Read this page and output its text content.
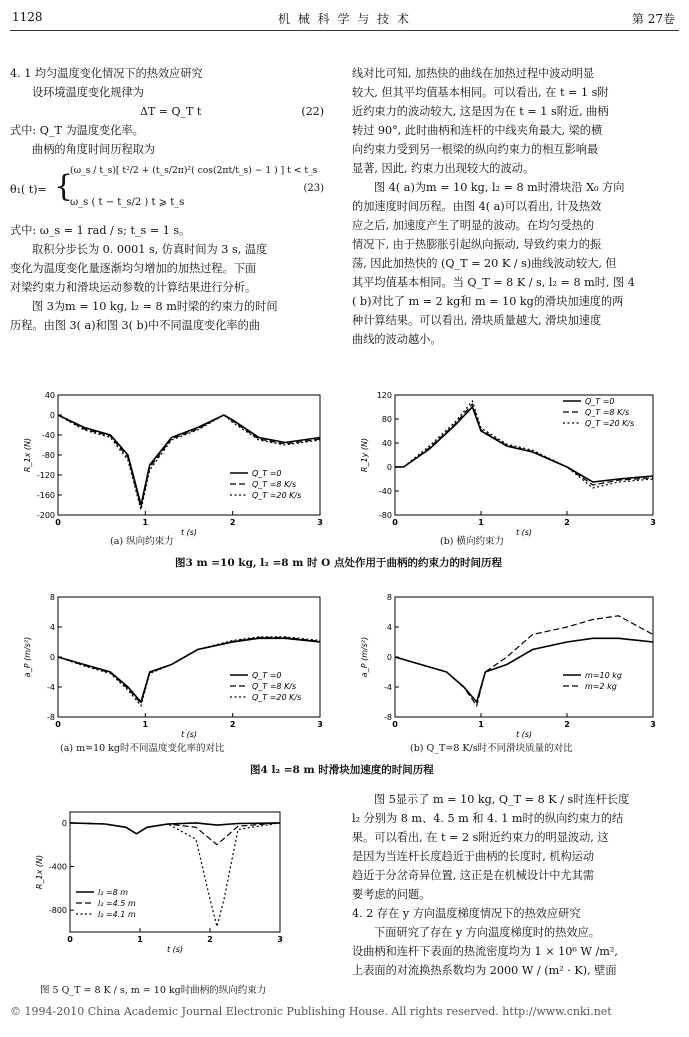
1128	机 械 科 学 与 技 术	第 27卷
4. 1 均匀温度变化情况下的热效应研究
设环境温度变化规律为
ΔT = Q_T t	(22)
式中: Q_T 为温度变化率。
曲柄的角度时间历程取为
θ₁( t)= {
(ω_s / t_s)[ t²/2 + (t_s/2π)²( cos(2πt/t_s) − 1 ) ] t < t_s
ω_s ( t − t_s/2 ) t ⩾ t_s
(23)
式中: ω_s = 1 rad / s; t_s = 1 s。
取积分步长为 0. 0001 s, 仿真时间为 3 s, 温度
变化为温度变化量逐渐均匀增加的加热过程。下面
对梁约束力和滑块运动参数的计算结果进行分析。
图 3为m = 10 kg, l₂ = 8 m时梁的约束力的时间
历程。由图 3( a)和图 3( b)中不同温度变化率的曲
线对比可知, 加热快的曲线在加热过程中波动明显
较大, 但其平均值基本相同。可以看出, 在 t = 1 s附
近约束力的波动较大, 这是因为在 t = 1 s附近, 曲柄
转过 90°, 此时曲柄和连杆的中线夹角最大, 梁的横
向约束力受到另一根梁的纵向约束力的相互影响最
显著, 因此, 约束力出现较大的波动。
图 4( a)为m = 10 kg, l₂ = 8 m时滑块沿 X₀ 方向
的加速度时间历程。由图 4( a)可以看出, 计及热效
应之后, 加速度产生了明显的波动。在均匀受热的
情况下, 由于热膨胀引起纵向振动, 导致约束力的振
荡, 因此加热快的 (Q_T = 20 K / s)曲线波动较大, 但
其平均值基本相同。当 Q_T = 8 K / s, l₂ = 8 m时, 图 4
( b)对比了 m = 2 kg和 m = 10 kg的滑块加速度的两
种计算结果。可以看出, 滑块质量越大, 滑块加速度
曲线的波动越小。
图 5显示了 m = 10 kg, Q_T = 8 K / s时连杆长度
l₂ 分别为 8 m、4. 5 m 和 4. 1 m时的纵向约束力的结
果。可以看出, 在 t = 2 s附近约束力的明显波动, 这
是因为当连杆长度趋近于曲柄的长度时, 机构运动
趋近于分岔奇异位置, 这正是在机械设计中尤其需
要考虑的问题。
4. 2 存在 y 方向温度梯度情况下的热效应研究
下面研究了存在 y 方向温度梯度时的热效应。
设曲柄和连杆下表面的热流密度均为 1 × 10⁶ W /m²,
上表面的对流换热系数均为 2000 W / (m² · K), 壁面
40
0
-40
-80
-120
-160
-200
0	1	2	3
t (s)
R_1x (N)
Q_T =0
Q_T =8 K/s
Q_T =20 K/s
120
80
40
0
-40
-80
0	1	2	3
t (s)
R_1y (N)
Q_T =0
Q_T =8 K/s
Q_T =20 K/s
8
4
0
-4
-8
0	1	2	3
t (s)
a_P (m/s²)	Q_T =0
Q_T =8 K/s
Q_T =20 K/s
8
4
0
-4
-8
0	1	2	3
t (s)
a_P (m/s²)	m=10 kg
m=2 kg
0
-400
-800
0	1	2	3
t (s)
R_1x (N)
l₂ =8 m
l₂ =4.5 m
l₂ =4.1 m
(a) 纵向约束力	(b) 横向约束力
图3 m =10 kg, l₂ =8 m 时 O 点处作用于曲柄的约束力的时间历程
(a) m=10 kg时不同温度变化率的对比	(b) Q_T=8 K/s时不同滑块质量的对比
图4 l₂ =8 m 时滑块加速度的时间历程
图 5 Q_T = 8 K / s, m = 10 kg时曲柄的纵向约束力
© 1994-2010 China Academic Journal Electronic Publishing House. All rights reserved. http://www.cnki.net
